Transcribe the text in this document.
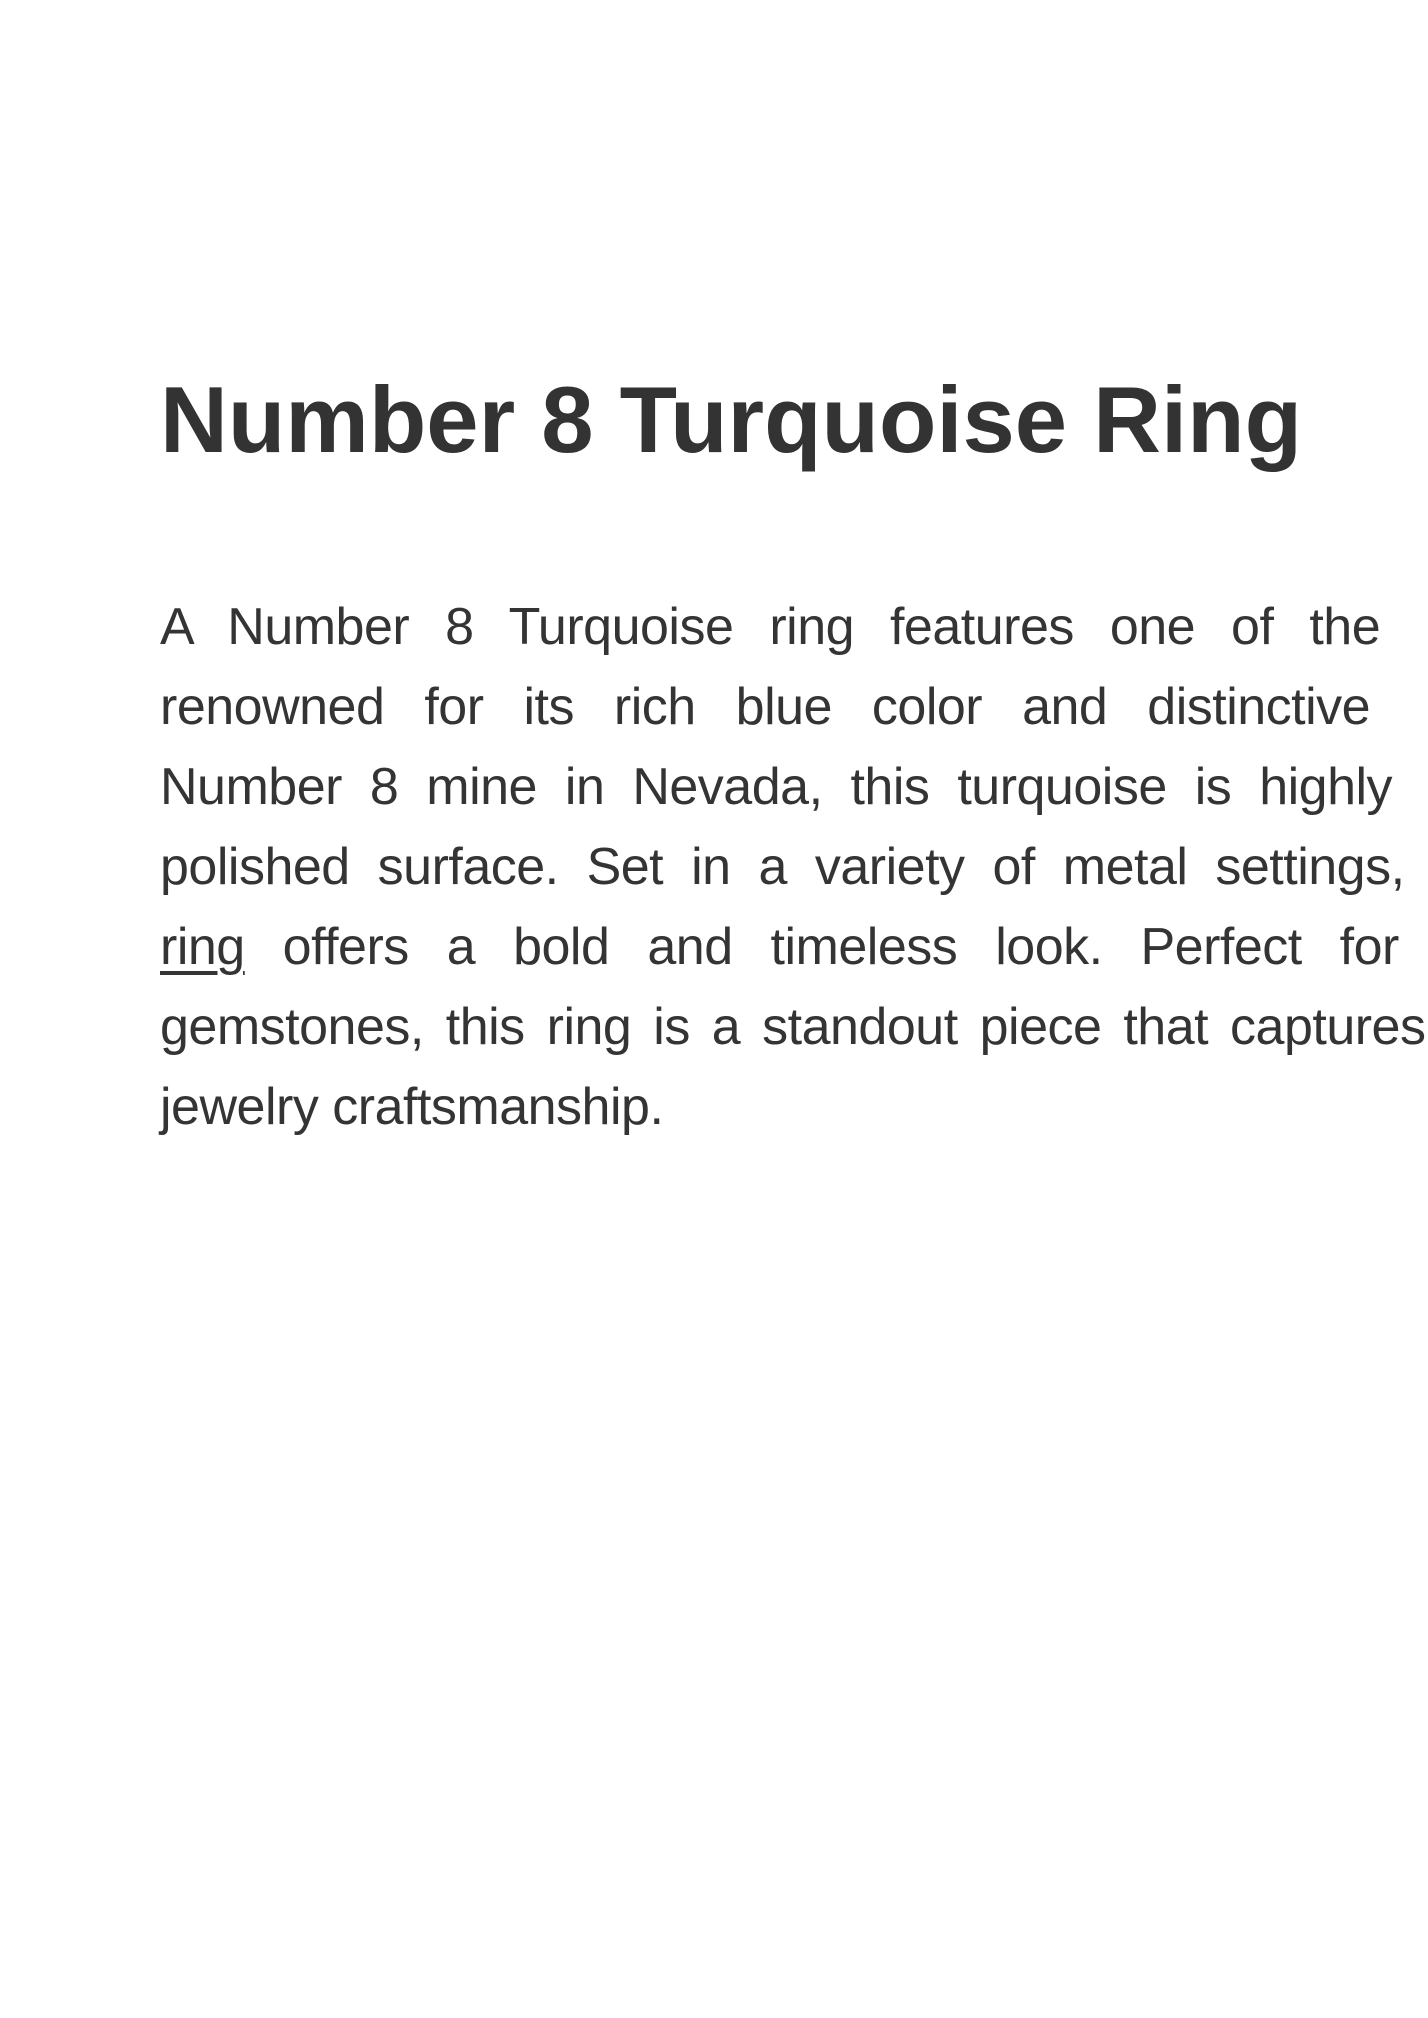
Number 8 Turquoise Ring
A Number 8 Turquoise ring features one of the
renowned for its rich blue color and distinctive
Number 8 mine in Nevada, this turquoise is highly
polished surface. Set in a variety of metal settings,
ring offers a bold and timeless look. Perfect for
gemstones, this ring is a standout piece that captures
jewelry craftsmanship.
